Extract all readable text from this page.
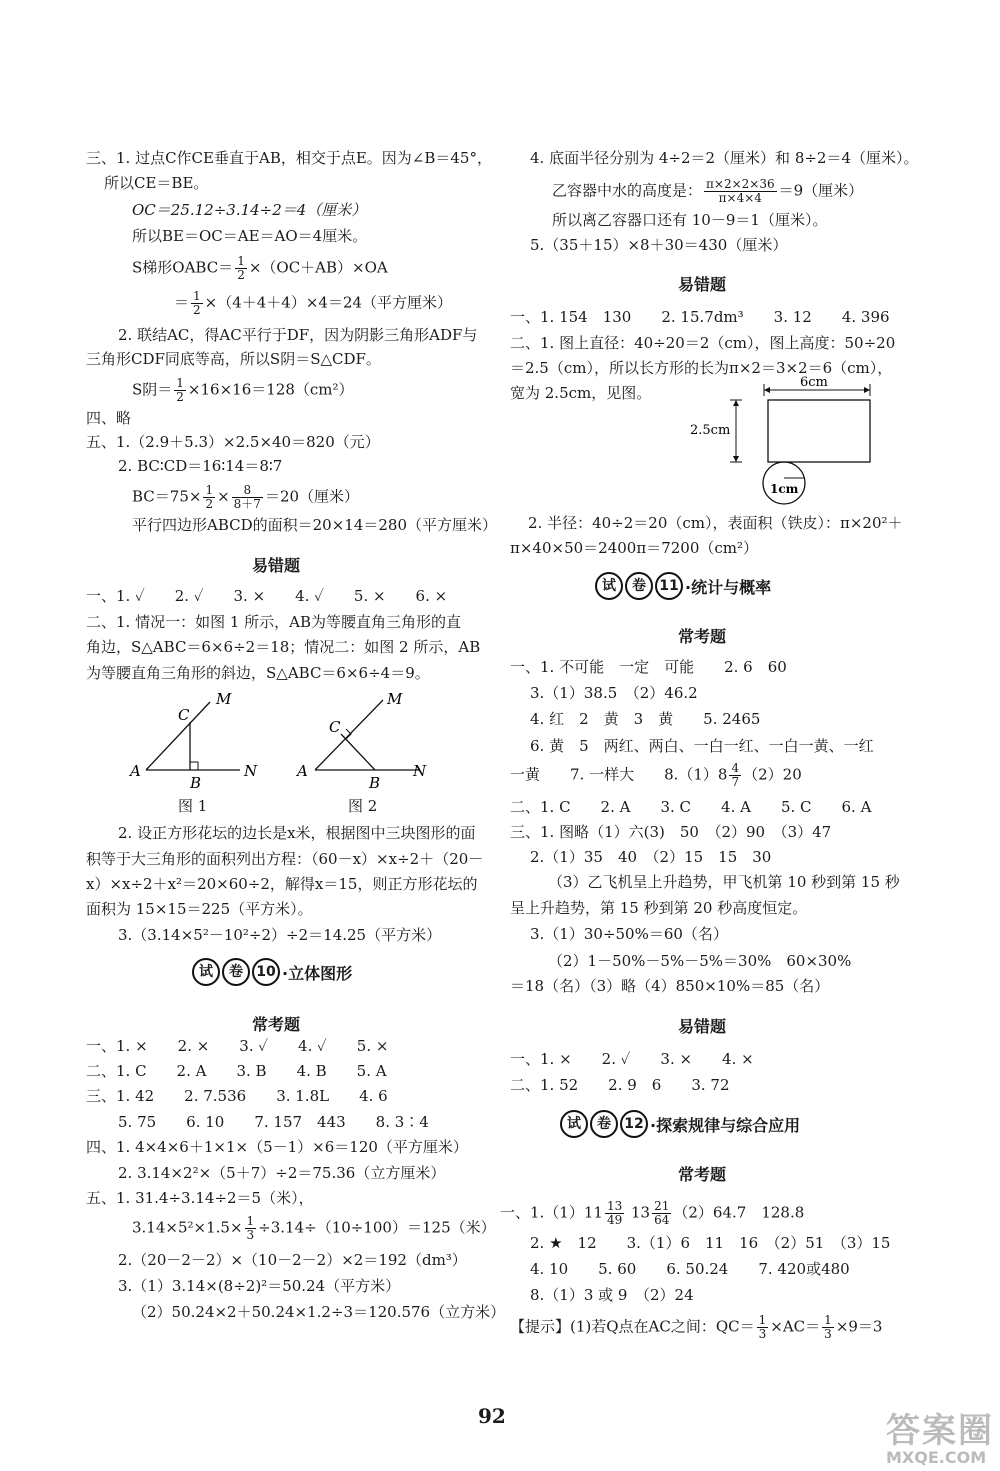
三、1. 过点C作CE垂直于AB，相交于点E。因为∠B＝45°，
所以CE＝BE。
OC＝25.12÷3.14÷2＝4（厘米）
所以BE＝OC＝AE＝AO＝4厘米。
S梯形OABC＝ $\frac{1}{2} \times(OC+AB)\times OA$
＝ $\frac{1}{2} \times(4+4+4)\times 4=24$（平方厘米）
2. 联结AC，得AC平行于DF，因为阴影三角形ADF与
三角形CDF同底等高，所以S阴＝S△CDF。
S阴＝ $\frac{1}{2} \times 16\times 16=128(cm^2)$
四、略
五、1.（2.9＋5.3）×2.5×40＝820（元）
2. BC∶CD＝16∶14＝8∶7
$BC=75\times \frac{1}{2} \times \frac{8}{8+7} =20$（厘米）
平行四边形ABCD的面积＝20×14＝280（平方厘米）
易错题
一、1. ✓　　2. ✓　　3. ×　　4. ✓　　5. ×　　6. ×
二、1. 情况一：如图 1 所示，AB为等腰直角三角形的直
角边，S△ABC＝6×6÷2＝18；情况二：如图 2 所示，AB
为等腰直角三角形的斜边，S△ABC＝6×6÷4＝9。
M
C
A
B
N
图 1
M
C
A
B
N
图 2
2. 设正方形花坛的边长是x米，根据图中三块图形的面
积等于大三角形的面积列出方程：（60－x）×x÷2＋（20－
x）×x÷2＋x²＝20×60÷2，解得x＝15，则正方形花坛的
面积为 15×15＝225（平方米）。
3.（3.14×5²－10²÷2）÷2＝14.25（平方米）
试	卷 10 ·立体图形
常考题
一、1. ×　　2. ×　　3. ✓　　4. ✓　　5. ×
二、1. C　　2. A　　3. B　　4. B　　5. A
三、1. 42　　2. 7.536　　3. 1.8L　　4. 6
5. 75　　6. 10　　7. 157　443　　8. 3∶4
四、1. 4×4×6＋1×1×（5－1）×6＝120（平方厘米）
2. 3.14×2²×（5＋7）÷2＝75.36（立方厘米）
五、1. 31.4÷3.14÷2＝5（米），
$3.14\times 5^2\times 1.5\times \frac{1}{3} \div 3.14\div(10\div 100)=125$（米）
2.（20－2－2）×（10－2－2）×2＝192（dm³）
3.（1）3.14×(8÷2)²＝50.24（平方米）
（2）50.24×2＋50.24×1.2÷3＝120.576（立方米）
4. 底面半径分别为 4÷2＝2（厘米）和 8÷2＝4（厘米）。
乙容器中水的高度是： $\frac{\pi\times 2\times 2\times 36}{\pi\times 4\times 4} =9$（厘米）
所以离乙容器口还有 10－9＝1（厘米）。
5.（35＋15）×8＋30＝430（厘米）
易错题
一、1. 154　130　　2. 15.7dm³　　3. 12　　4. 396
二、1. 图上直径：40÷20＝2（cm），图上高度：50÷20
＝2.5（cm），所以长方形的长为π×2＝3×2＝6（cm），
宽为 2.5cm，见图。
6cm
2.5cm
1cm
2. 半径：40÷2＝20（cm），表面积（铁皮）：π×20²＋
π×40×50＝2400π＝7200（cm²）
试	卷 11 ·统计与概率
常考题
一、1. 不可能　一定　可能　　2. 6　60
3.（1）38.5　（2）46.2
4. 红　2　黄　3　黄　　5. 2465
6. 黄　5　两红、两白、一白一红、一白一黄、一红
一黄　　7. 一样大　　$8.(1)8 \frac{4}{7} (2)20$
二、1. C　　2. A　　3. C　　4. A　　5. C　　6. A
三、1. 图略（1）六(3)　50　（2）90　（3）47
2.（1）35　40　（2）15　15　30
（3）乙飞机呈上升趋势，甲飞机第 10 秒到第 15 秒
呈上升趋势，第 15 秒到第 20 秒高度恒定。
3.（1）30÷50%＝60（名）
（2）1－50%－5%－5%＝30%　60×30%
＝18（名）（3）略（4）850×10%＝85（名）
易错题
一、1. ×　　2. ✓　　3. ×　　4. ×
二、1. 52　　2. 9　6　　3. 72
试	卷 12 ·探索规律与综合应用
常考题
一、$1.(1)11 \frac{13}{49} 13 \frac{21}{64} (2)64.7$　128.8
2. ★　12　　3.（1）6　11　16　（2）51　（3）15
4. 10　　5. 60　　6. 50.24　　7. 420或480
8.（1）3 或 9　（2）24
【提示】(1)若Q点在AC之间：$QC= \frac{1}{3} \times AC= \frac{1}{3} \times 9=3$
92	答案圈
MXQE.COM
